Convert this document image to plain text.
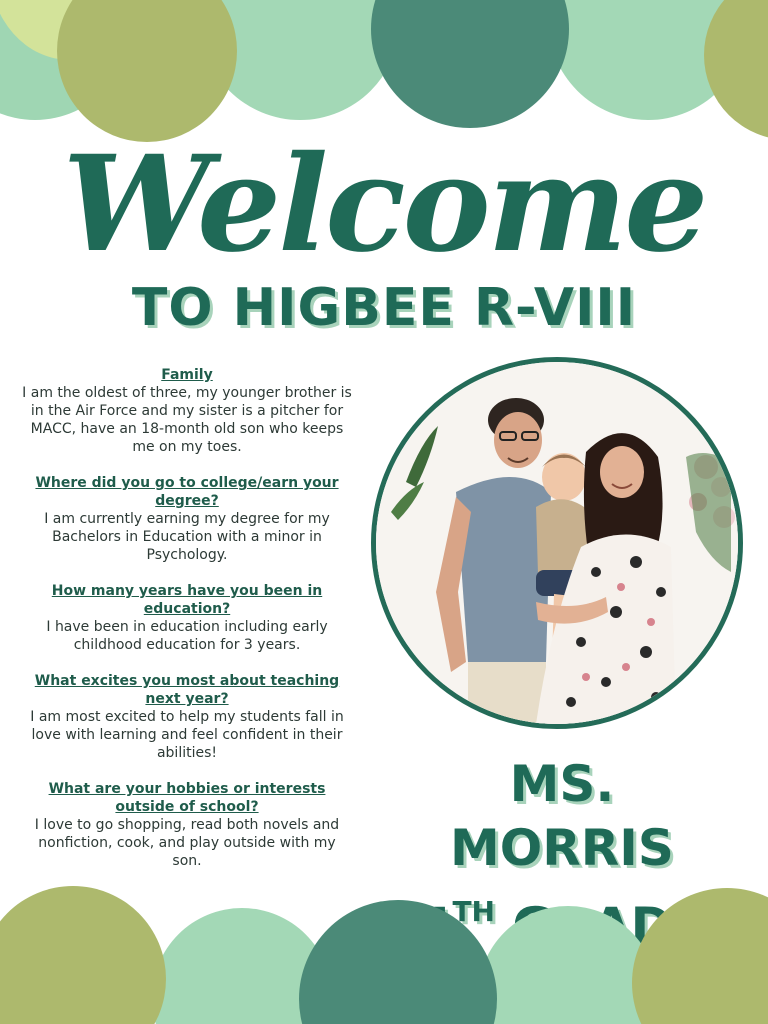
Welcome
TO HIGBEE R-VIII
Family
I am the oldest of three, my younger brother is in the Air Force and my sister is a pitcher for MACC, have an 18-month old son who keeps me on my toes.
Where did you go to college/earn your degree?
I am currently earning my degree for my Bachelors in Education with a minor in Psychology.
How many years have you been in education?
I have been in education including early childhood education for 3 years.
What excites you most about teaching next year?
I am most excited to help my students fall in love with learning and feel confident in their abilities!
What are your hobbies or interests outside of school?
I love to go shopping, read both novels and nonfiction, cook, and play outside with my son.
MS. MORRIS
$^{TH}$
